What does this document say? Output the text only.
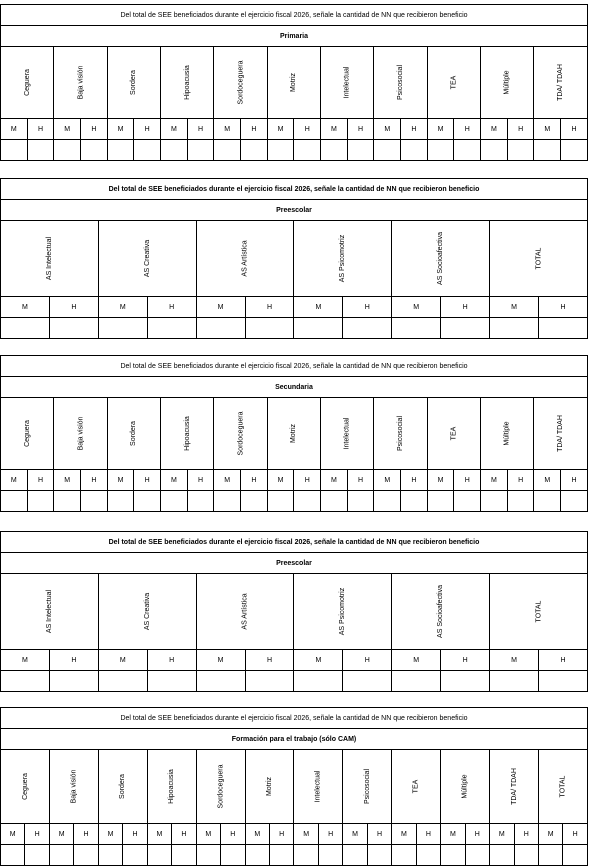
Del total de SEE beneficiados durante el ejercicio fiscal 2026, señale la cantidad de NN que recibieron beneficio																					
Primaria																					
Ceguera		Baja visión		Sordera		Hipoacusia		Sordoceguera		Motriz		Intelectual		Psicosocial		TEA		Múltiple		TDA/ TDAH	
M	H	M	H	M	H	M	H	M	H	M	H	M	H	M	H	M	H	M	H	M	H

Del total de SEE beneficiados durante el ejercicio fiscal 2026, señale la cantidad de NN que recibieron beneficio											
Preescolar											
AS Intelectual		AS Creativa		AS Artística		AS Psicomotriz		AS Socioafectiva		TOTAL	
M	H	M	H	M	H	M	H	M	H	M	H

Del total de SEE beneficiados durante el ejercicio fiscal 2026, señale la cantidad de NN que recibieron beneficio																					
Secundaria																					
Ceguera		Baja visión		Sordera		Hipoacusia		Sordoceguera		Motriz		Intelectual		Psicosocial		TEA		Múltiple		TDA/ TDAH	
M	H	M	H	M	H	M	H	M	H	M	H	M	H	M	H	M	H	M	H	M	H

Del total de SEE beneficiados durante el ejercicio fiscal 2026, señale la cantidad de NN que recibieron beneficio											
Preescolar											
AS Intelectual		AS Creativa		AS Artística		AS Psicomotriz		AS Socioafectiva		TOTAL	
M	H	M	H	M	H	M	H	M	H	M	H

Del total de SEE beneficiados durante el ejercicio fiscal 2026, señale la cantidad de NN que recibieron beneficio																							
Formación para el trabajo (sólo CAM)																							
Ceguera		Baja visión		Sordera		Hipoacusia		Sordoceguera		Motriz		Intelectual		Psicosocial		TEA		Múltiple		TDA/ TDAH		TOTAL	
M	H	M	H	M	H	M	H	M	H	M	H	M	H	M	H	M	H	M	H	M	H	M	H
